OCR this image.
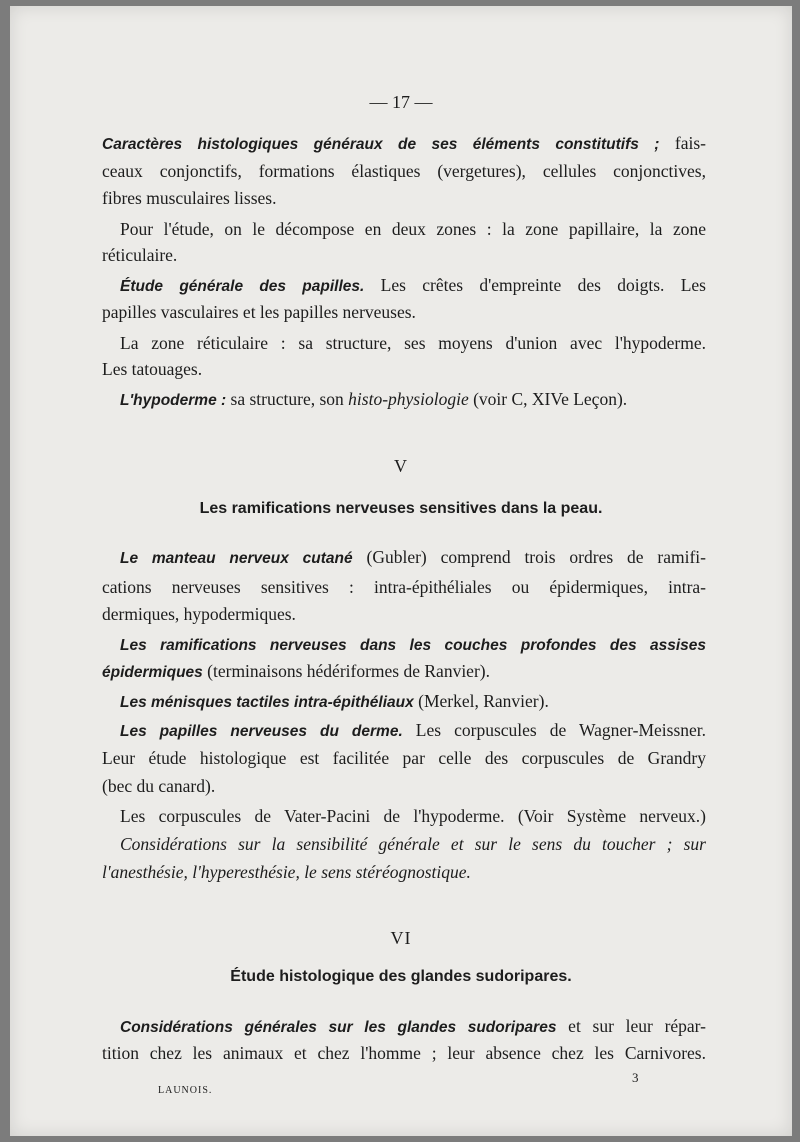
— 17 —
Caractères histologiques généraux de ses éléments constitutifs ; fais-
ceaux conjonctifs, formations élastiques (vergetures), cellules conjonctives,
fibres musculaires lisses.
Pour l'étude, on le décompose en deux zones : la zone papillaire, la zone
réticulaire.
Étude générale des papilles. Les crêtes d'empreinte des doigts. Les
papilles vasculaires et les papilles nerveuses.
La zone réticulaire : sa structure, ses moyens d'union avec l'hypoderme.
Les tatouages.
L'hypoderme : sa structure, son histo-physiologie (voir C, XIVe Leçon).
V
Les ramifications nerveuses sensitives dans la peau.
Le manteau nerveux cutané (Gubler) comprend trois ordres de ramifi-
cations nerveuses sensitives : intra-épithéliales ou épidermiques, intra-
dermiques, hypodermiques.
Les ramifications nerveuses dans les couches profondes des assises
épidermiques (terminaisons hédériformes de Ranvier).
Les ménisques tactiles intra-épithéliaux (Merkel, Ranvier).
Les papilles nerveuses du derme. Les corpuscules de Wagner-Meissner.
Leur étude histologique est facilitée par celle des corpuscules de Grandry
(bec du canard).
Les corpuscules de Vater-Pacini de l'hypoderme. (Voir Système nerveux.)
Considérations sur la sensibilité générale et sur le sens du toucher ; sur
l'anesthésie, l'hyperesthésie, le sens stéréognostique.
VI
Étude histologique des glandes sudoripares.
Considérations générales sur les glandes sudoripares et sur leur répar-
tition chez les animaux et chez l'homme ; leur absence chez les Carnivores.
LAUNOIS.
3
